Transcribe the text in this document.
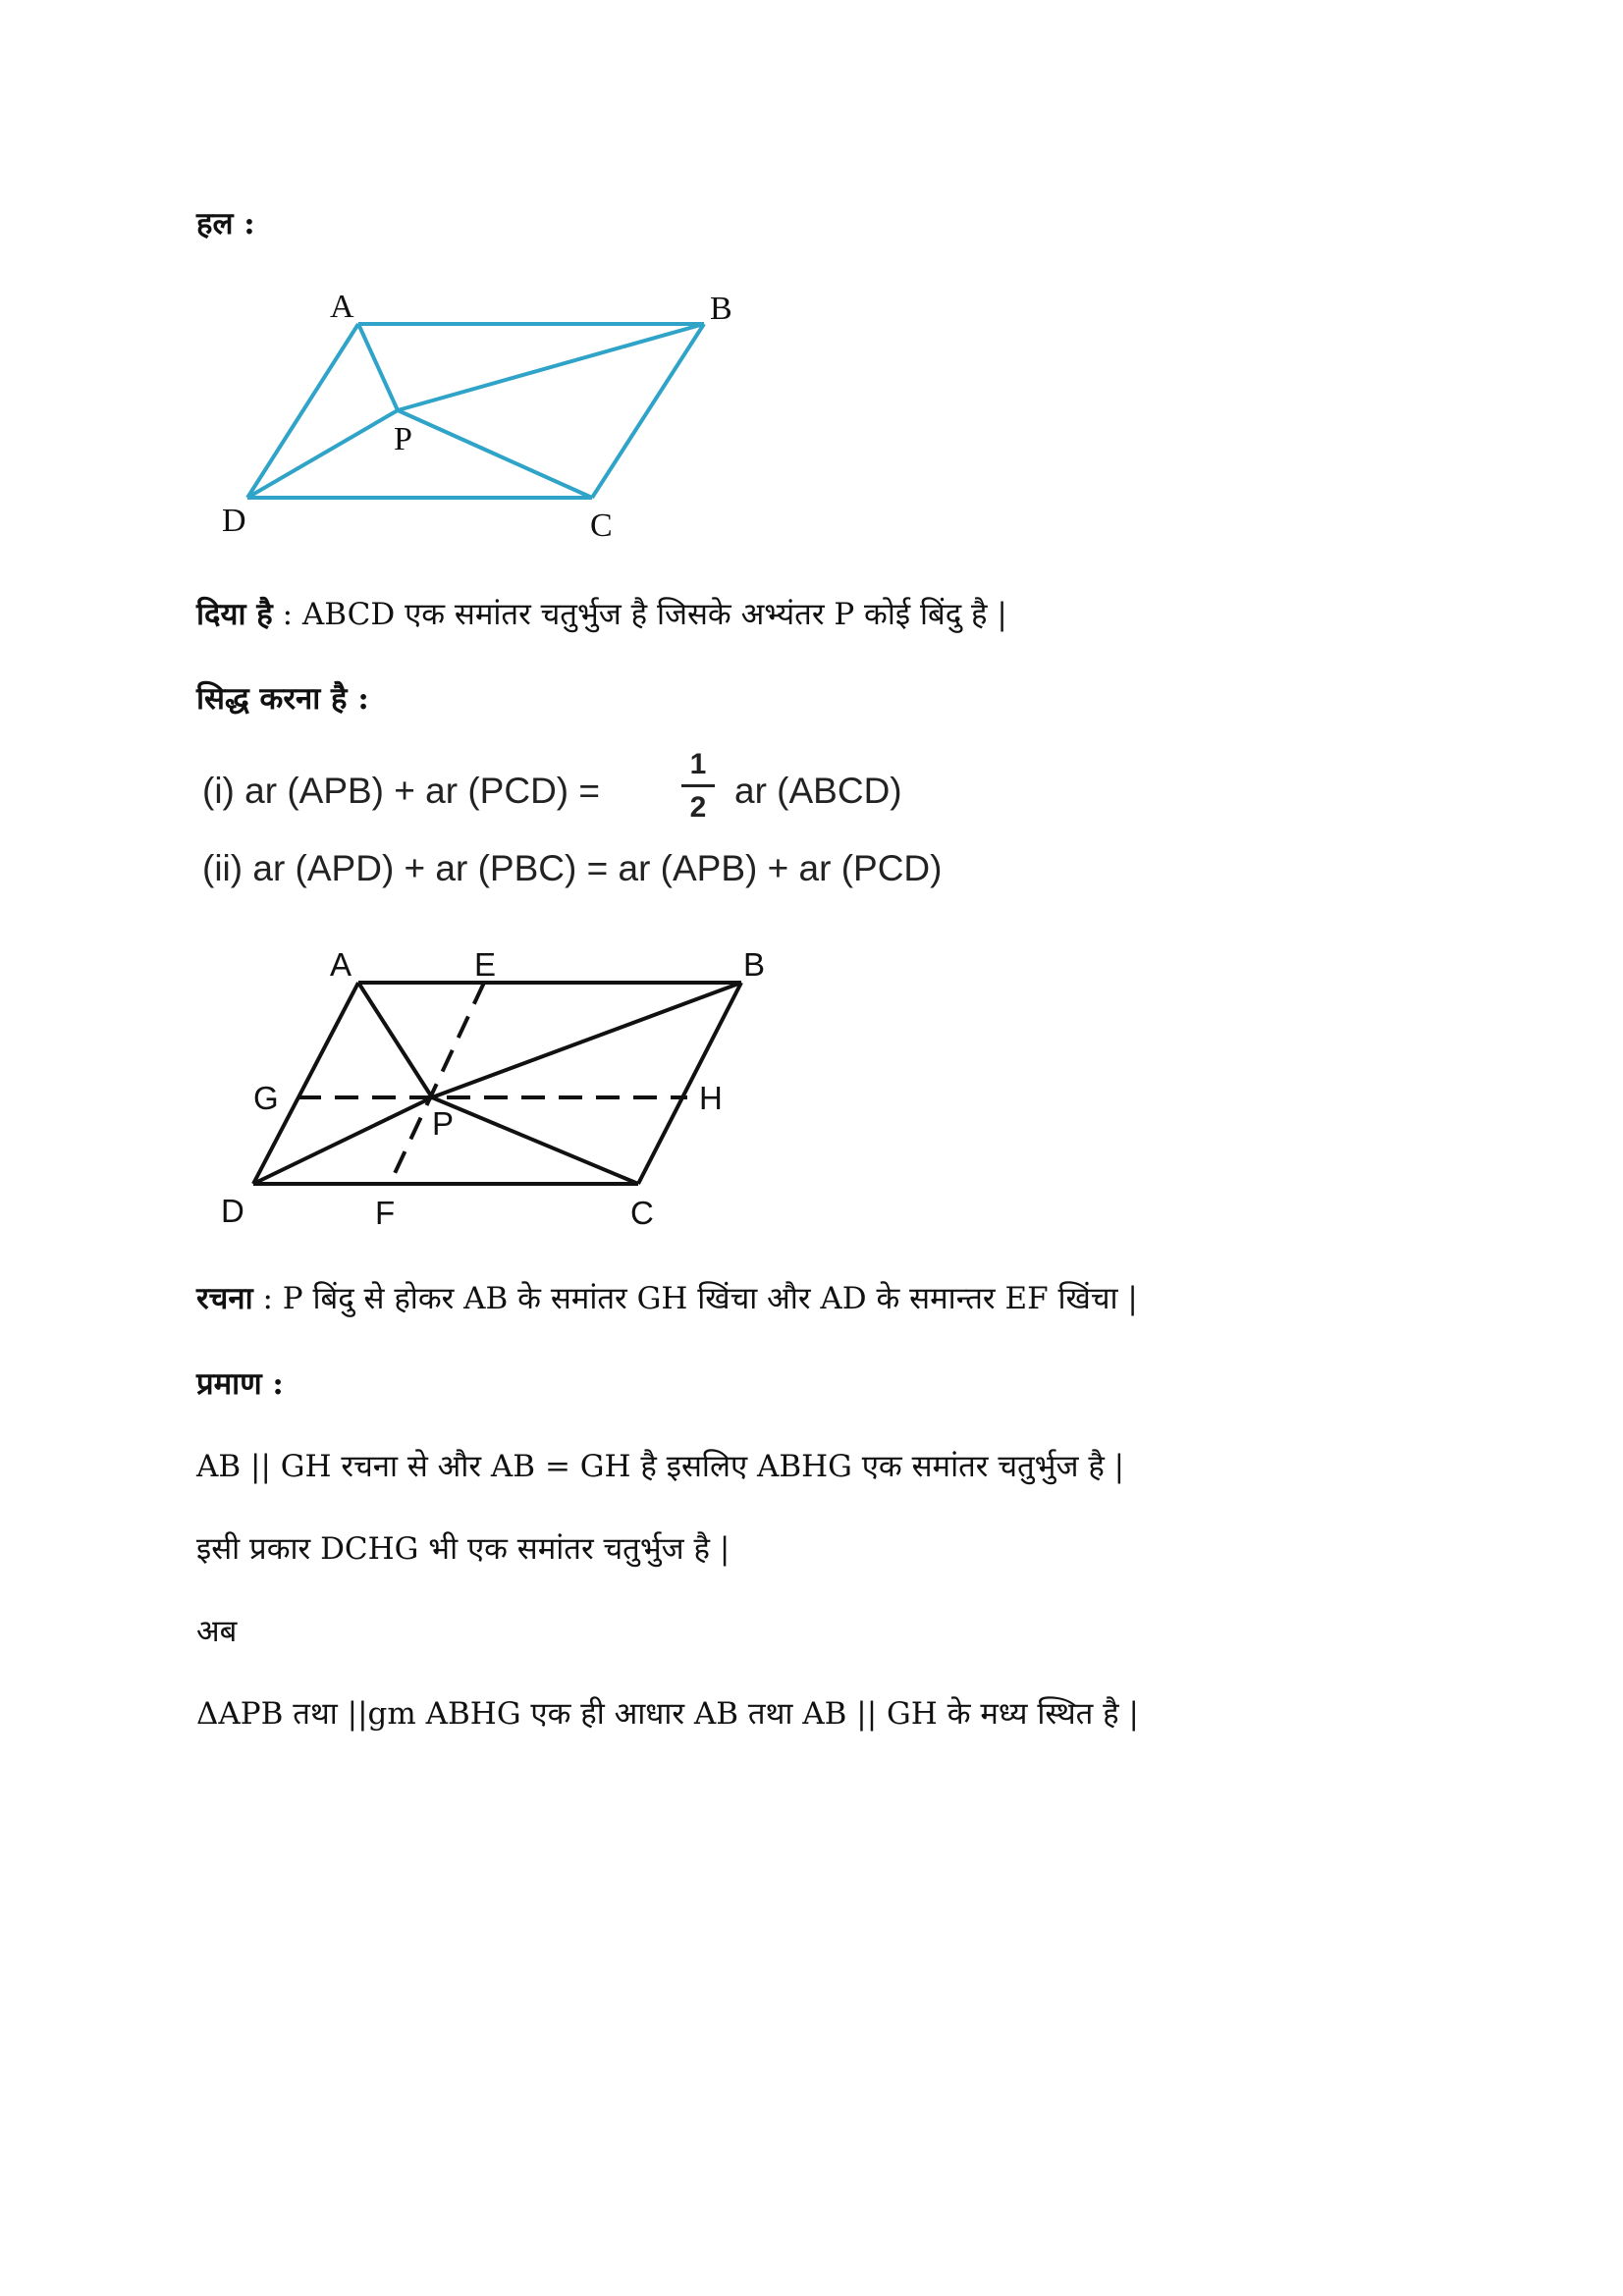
हल :
A	B
C
D
P
A	E	B
G	H
P
D	F	C
दिया है : ABCD एक समांतर चतुर्भुज है जिसके अभ्यंतर P कोई बिंदु है |
सिद्ध करना है :
(i) ar (APB) + ar (PCD) =
1
2 ar (ABCD)
(ii) ar (APD) + ar (PBC) = ar (APB) + ar (PCD)
रचना : P बिंदु से होकर AB के समांतर GH खिंचा और AD के समान्तर EF खिंचा |
प्रमाण :
AB || GH रचना से और AB = GH है इसलिए ABHG एक समांतर चतुर्भुज है |
इसी प्रकार DCHG भी एक समांतर चतुर्भुज है |
अब
ΔAPB तथा ||gm ABHG एक ही आधार AB तथा AB || GH के मध्य स्थित है |
